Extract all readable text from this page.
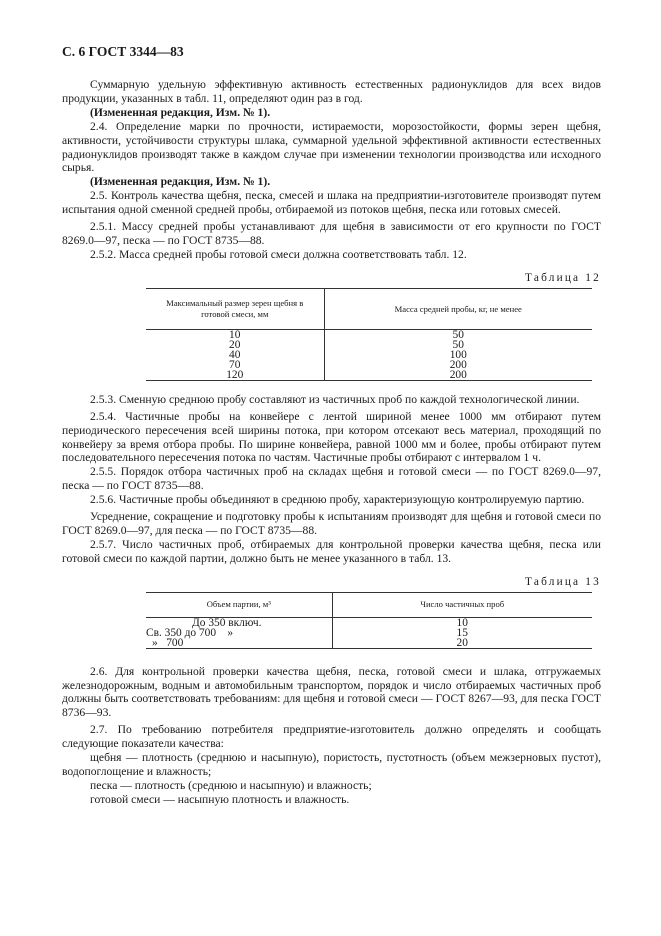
С. 6 ГОСТ 3344—83

Суммарную удельную эффективную активность естественных радионуклидов для всех видов продукции, указанных в табл. 11, определяют один раз в год.

(Измененная редакция, Изм. № 1).

2.4. Определение марки по прочности, истираемости, морозостойкости, формы зерен щебня, активности, устойчивости структуры шлака, суммарной удельной эффективной активности естественных радионуклидов производят также в каждом случае при изменении технологии производства или исходного сырья.

(Измененная редакция, Изм. № 1).

2.5. Контроль качества щебня, песка, смесей и шлака на предприятии-изготовителе производят путем испытания одной сменной средней пробы, отбираемой из потоков щебня, песка или готовых смесей.

2.5.1. Массу средней пробы устанавливают для щебня в зависимости от его крупности по ГОСТ 8269.0—97, песка — по ГОСТ 8735—88.

2.5.2. Масса средней пробы готовой смеси должна соответствовать табл. 12.

Таблица 12
Максимальный размер зерен щебня в готовой смеси, мм	Масса средней пробы, кг, не менее
10	50
20	50
40	100
70	200
120	200

2.5.3. Сменную среднюю пробу составляют из частичных проб по каждой технологической линии.

2.5.4. Частичные пробы на конвейере с лентой шириной менее 1000 мм отбирают путем периодического пересечения всей ширины потока, при котором отсекают весь материал, проходящий по конвейеру за время отбора пробы. По ширине конвейера, равной 1000 мм и более, пробы отбирают путем последовательного пересечения потока по частям. Частичные пробы отбирают с интервалом 1 ч.

2.5.5. Порядок отбора частичных проб на складах щебня и готовой смеси — по ГОСТ 8269.0—97, песка — по ГОСТ 8735—88.

2.5.6. Частичные пробы объединяют в среднюю пробу, характеризующую контролируемую партию.

Усреднение, сокращение и подготовку пробы к испытаниям производят для щебня и готовой смеси по ГОСТ 8269.0—97, для песка — по ГОСТ 8735—88.

2.5.7. Число частичных проб, отбираемых для контрольной проверки качества щебня, песка или готовой смеси по каждой партии, должно быть не менее указанного в табл. 13.

Таблица 13
Объем партии, м³	Число частичных проб
До 350 включ.	10
Св. 350 до 700    »	15
»   700	20

2.6. Для контрольной проверки качества щебня, песка, готовой смеси и шлака, отгружаемых железнодорожным, водным и автомобильным транспортом, порядок и число отбираемых частичных проб должны быть соответствовать требованиям: для щебня и готовой смеси — ГОСТ 8267—93, для песка ГОСТ 8736—93.

2.7. По требованию потребителя предприятие-изготовитель должно определять и сообщать следующие показатели качества:

щебня — плотность (среднюю и насыпную), пористость, пустотность (объем межзерновых пустот), водопоглощение и влажность;

песка — плотность (среднюю и насыпную) и влажность;

готовой смеси — насыпную плотность и влажность.
